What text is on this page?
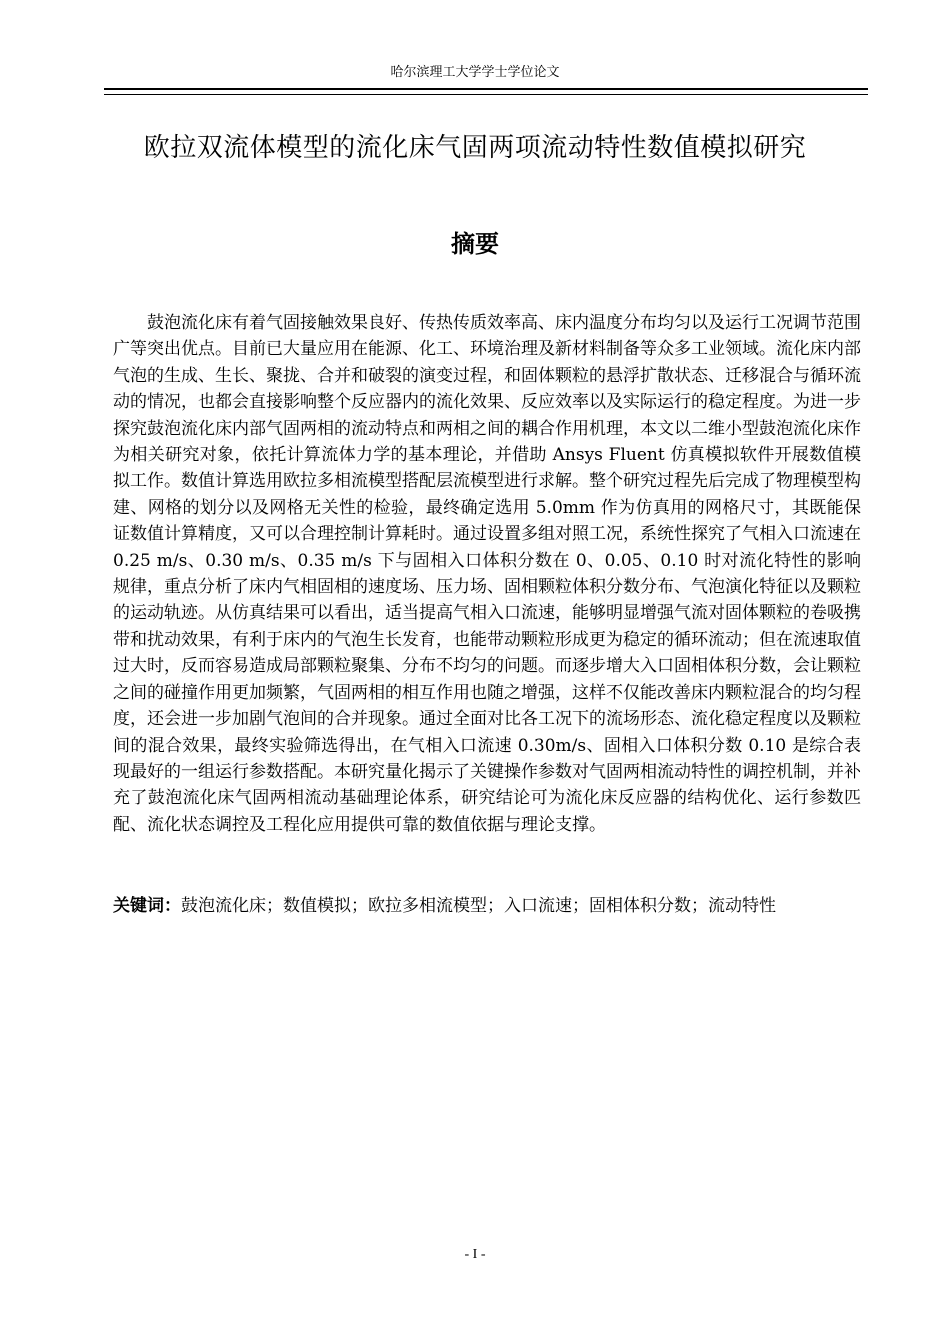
哈尔滨理工大学学士学位论文
欧拉双流体模型的流化床气固两项流动特性数值模拟研究
摘要

鼓泡流化床有着气固接触效果良好、传热传质效率高、床内温度分布均匀以及运行工况调节范围广等突出优点。目前已大量应用在能源、化工、环境治理及新材料制备等众多工业领域。流化床内部气泡的生成、生长、聚拢、合并和破裂的演变过程，和固体颗粒的悬浮扩散状态、迁移混合与循环流动的情况，也都会直接影响整个反应器内的流化效果、反应效率以及实际运行的稳定程度。为进一步探究鼓泡流化床内部气固两相的流动特点和两相之间的耦合作用机理，本文以二维小型鼓泡流化床作为相关研究对象，依托计算流体力学的基本理论，并借助 Ansys Fluent 仿真模拟软件开展数值模拟工作。数值计算选用欧拉多相流模型搭配层流模型进行求解。整个研究过程先后完成了物理模型构建、网格的划分以及网格无关性的检验，最终确定选用 5.0mm 作为仿真用的网格尺寸，其既能保证数值计算精度，又可以合理控制计算耗时。通过设置多组对照工况，系统性探究了气相入口流速在 0.25 m/s、0.30 m/s、0.35 m/s 下与固相入口体积分数在 0、0.05、0.10 时对流化特性的影响规律，重点分析了床内气相固相的速度场、压力场、固相颗粒体积分数分布、气泡演化特征以及颗粒的运动轨迹。从仿真结果可以看出，适当提高气相入口流速，能够明显增强气流对固体颗粒的卷吸携带和扰动效果，有利于床内的气泡生长发育，也能带动颗粒形成更为稳定的循环流动；但在流速取值过大时，反而容易造成局部颗粒聚集、分布不均匀的问题。而逐步增大入口固相体积分数，会让颗粒之间的碰撞作用更加频繁，气固两相的相互作用也随之增强，这样不仅能改善床内颗粒混合的均匀程度，还会进一步加剧气泡间的合并现象。通过全面对比各工况下的流场形态、流化稳定程度以及颗粒间的混合效果，最终实验筛选得出，在气相入口流速 0.30m/s、固相入口体积分数 0.10 是综合表现最好的一组运行参数搭配。本研究量化揭示了关键操作参数对气固两相流动特性的调控机制，并补充了鼓泡流化床气固两相流动基础理论体系，研究结论可为流化床反应器的结构优化、运行参数匹配、流化状态调控及工程化应用提供可靠的数值依据与理论支撑。

关键词：鼓泡流化床；数值模拟；欧拉多相流模型；入口流速；固相体积分数；流动特性

- I -
